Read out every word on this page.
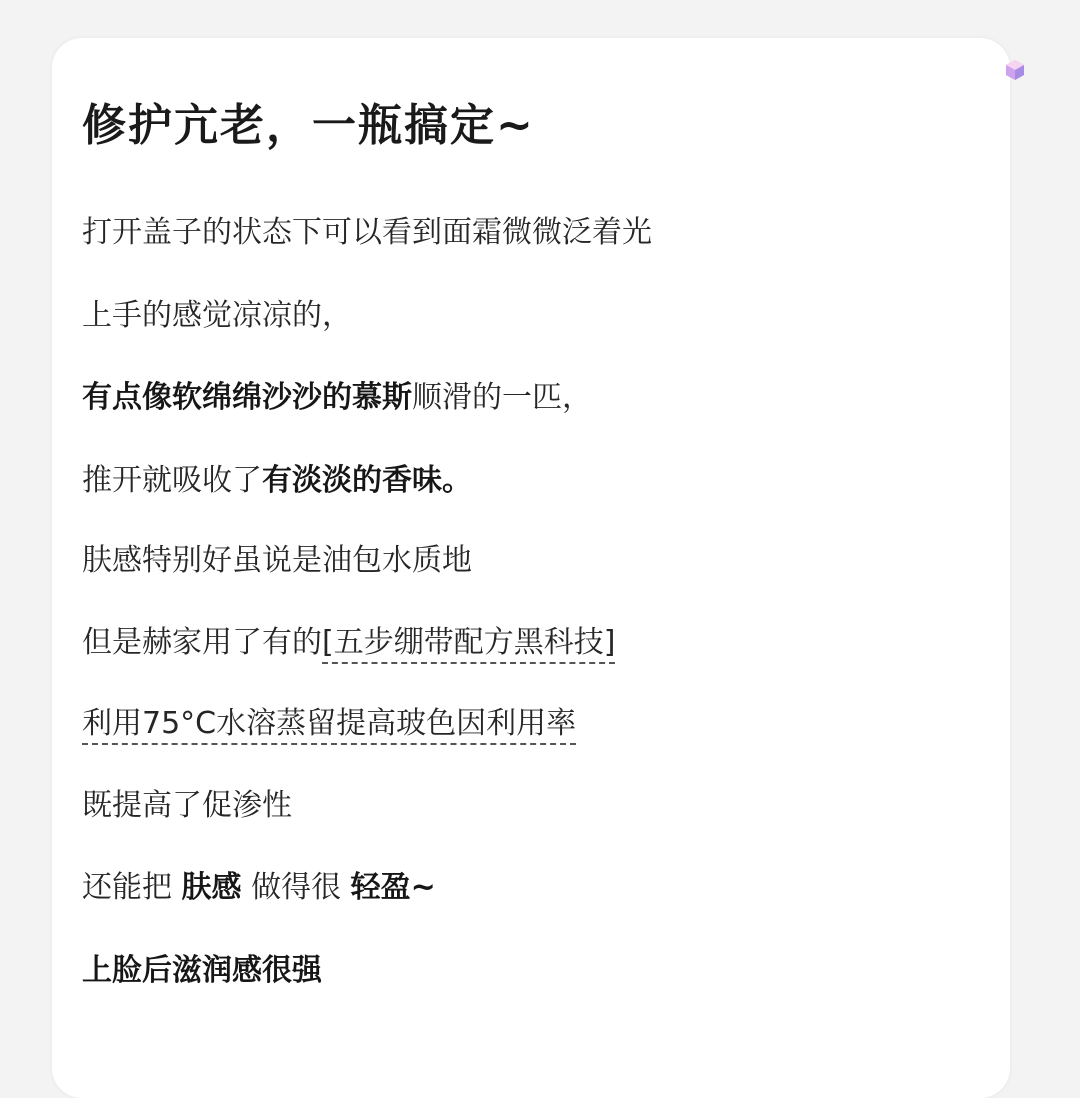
修护亢老，一瓶搞定~
打开盖子的状态下可以看到面霜微微泛着光
上手的感觉凉凉的，
有点像软绵绵沙沙的慕斯顺滑的一匹，
推开就吸收了有淡淡的香味。
肤感特别好虽说是油包水质地
但是赫家用了有的[五步绷带配方黑科技]
利用75°C水溶蒸留提高玻色因利用率
既提高了促渗性
还能把 肤感 做得很 轻盈~
上脸后滋润感很强
